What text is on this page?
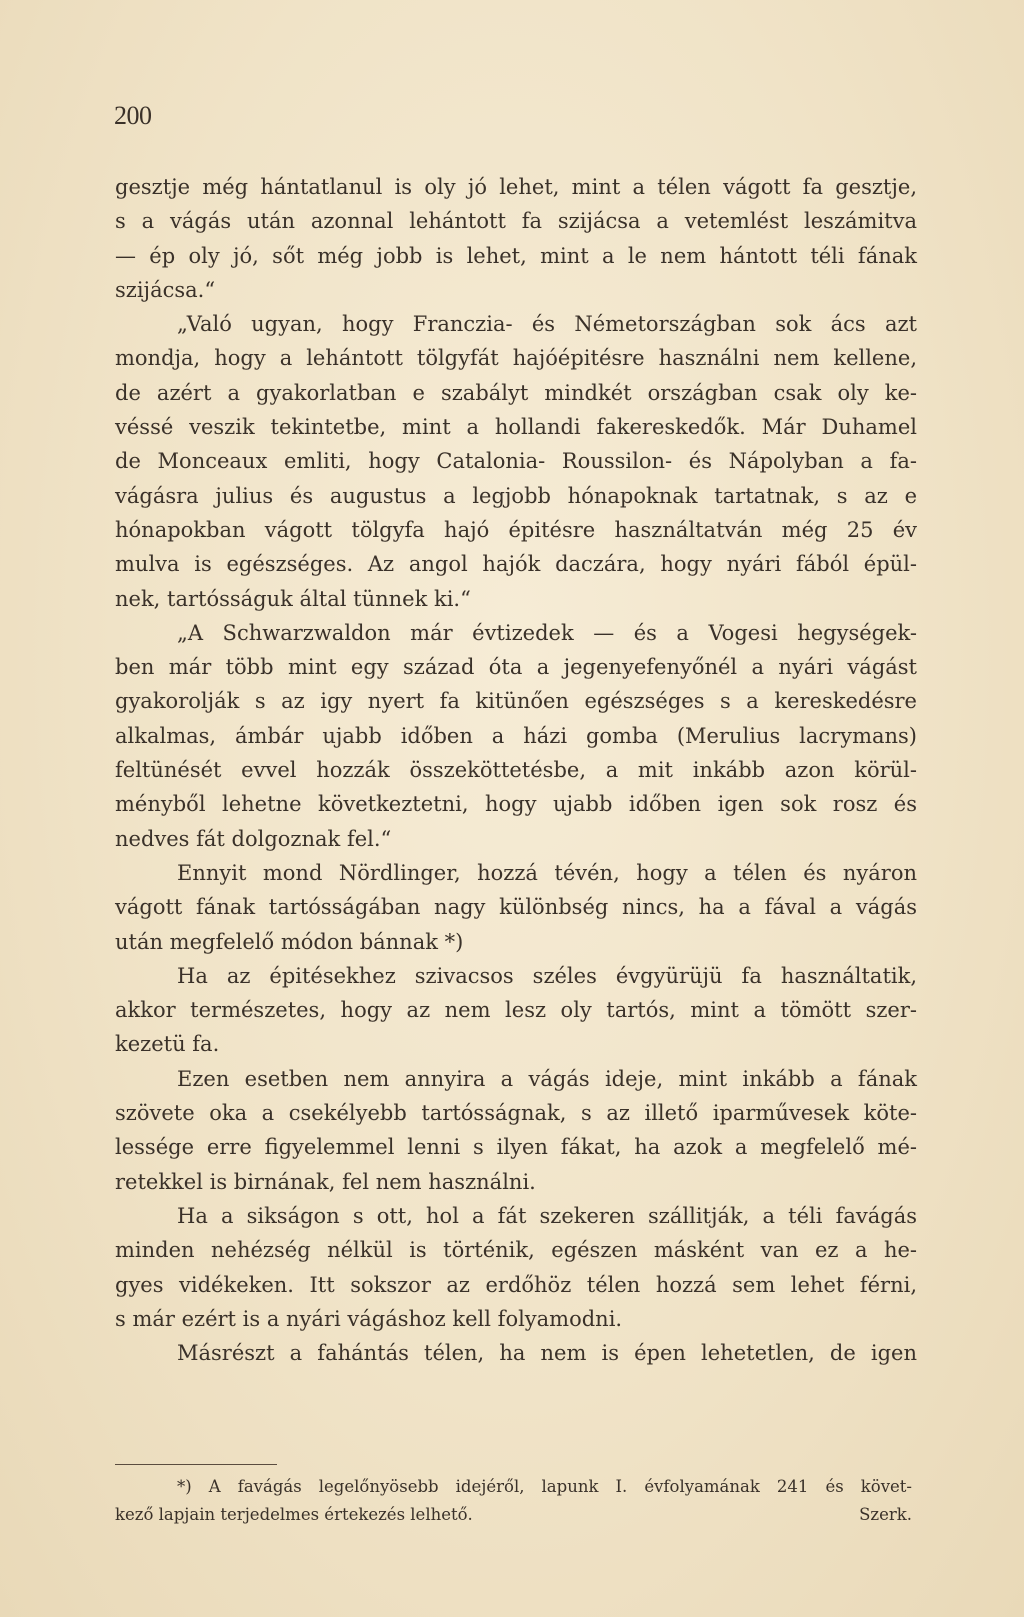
200
gesztje még hántatlanul is oly jó lehet, mint a télen vágott fa gesztje,
s a vágás után azonnal lehántott fa szijácsa a vetemlést leszámitva
— ép oly jó, sőt még jobb is lehet, mint a le nem hántott téli fának
szijácsa.“
„Való ugyan, hogy Franczia- és Németországban sok ács azt
mondja, hogy a lehántott tölgyfát hajóépitésre használni nem kellene,
de azért a gyakorlatban e szabályt mindkét országban csak oly ke-
véssé veszik tekintetbe, mint a hollandi fakereskedők. Már Duhamel
de Monceaux emliti, hogy Catalonia- Roussilon- és Nápolyban a fa-
vágásra julius és augustus a legjobb hónapoknak tartatnak, s az e
hónapokban vágott tölgyfa hajó épitésre használtatván még 25 év
mulva is egészséges. Az angol hajók daczára, hogy nyári fából épül-
nek, tartósságuk által tünnek ki.“
„A Schwarzwaldon már évtizedek — és a Vogesi hegységek-
ben már több mint egy század óta a jegenyefenyőnél a nyári vágást
gyakorolják s az igy nyert fa kitünően egészséges s a kereskedésre
alkalmas, ámbár ujabb időben a házi gomba (Merulius lacrymans)
feltünését evvel hozzák összeköttetésbe, a mit inkább azon körül-
ményből lehetne következtetni, hogy ujabb időben igen sok rosz és
nedves fát dolgoznak fel.“
Ennyit mond Nördlinger, hozzá tévén, hogy a télen és nyáron
vágott fának tartósságában nagy különbség nincs, ha a fával a vágás
után megfelelő módon bánnak *)
Ha az épitésekhez szivacsos széles évgyürüjü fa használtatik,
akkor természetes, hogy az nem lesz oly tartós, mint a tömött szer-
kezetü fa.
Ezen esetben nem annyira a vágás ideje, mint inkább a fának
szövete oka a csekélyebb tartósságnak, s az illető iparművesek köte-
lessége erre figyelemmel lenni s ilyen fákat, ha azok a megfelelő mé-
retekkel is birnának, fel nem használni.
Ha a sikságon s ott, hol a fát szekeren szállitják, a téli favágás
minden nehézség nélkül is történik, egészen másként van ez a he-
gyes vidékeken. Itt sokszor az erdőhöz télen hozzá sem lehet férni,
s már ezért is a nyári vágáshoz kell folyamodni.
Másrészt a fahántás télen, ha nem is épen lehetetlen, de igen
*) A favágás legelőnyösebb idejéről, lapunk I. évfolyamának 241 és követ-
kező lapjain terjedelmes értekezés lelhető.	Szerk.
